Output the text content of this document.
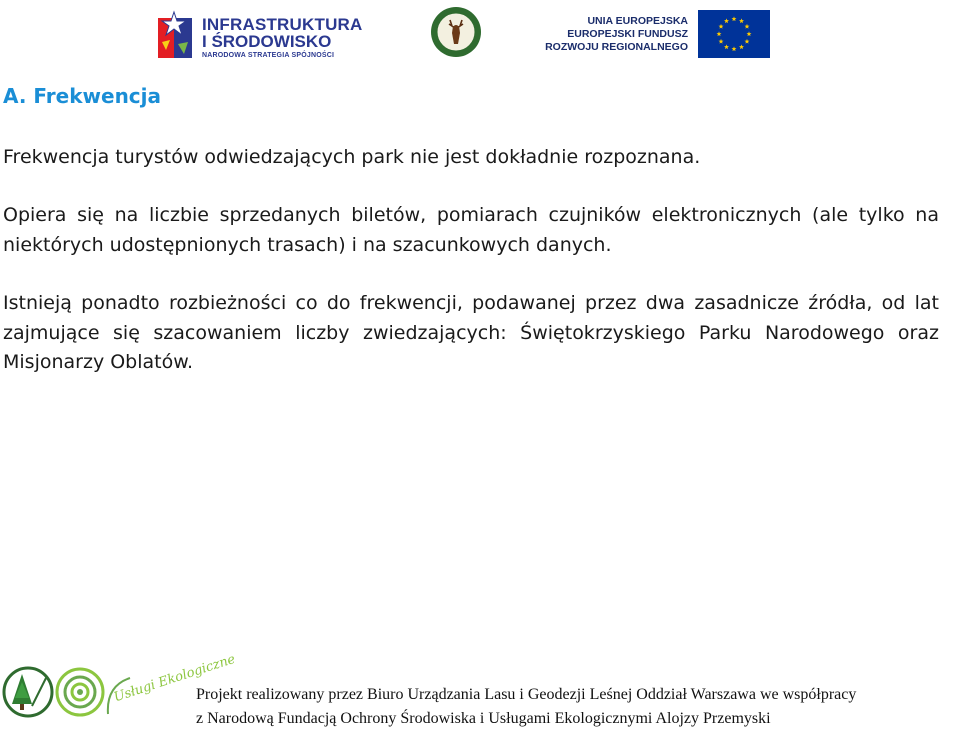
INFRASTRUKTURA
I ŚRODOWISKO
NARODOWA STRATEGIA SPÓJNOŚCI
UNIA EUROPEJSKA
EUROPEJSKI FUNDUSZ
ROZWOJU REGIONALNEGO
A. Frekwencja
Frekwencja turystów odwiedzających park nie jest dokładnie rozpoznana.
Opiera się na liczbie sprzedanych biletów, pomiarach czujników elektronicznych (ale tylko na niektórych udostępnionych trasach) i na szacunkowych danych.
Istnieją ponadto rozbieżności co do frekwencji, podawanej przez dwa zasadnicze źródła, od lat zajmujące się szacowaniem liczby zwiedzających: Świętokrzyskiego Parku Narodowego oraz Misjonarzy Oblatów.
Usługi Ekologiczne
Projekt realizowany przez Biuro Urządzania Lasu i Geodezji Leśnej Oddział Warszawa we współpracy
z Narodową Fundacją Ochrony Środowiska i Usługami Ekologicznymi Alojzy Przemyski
